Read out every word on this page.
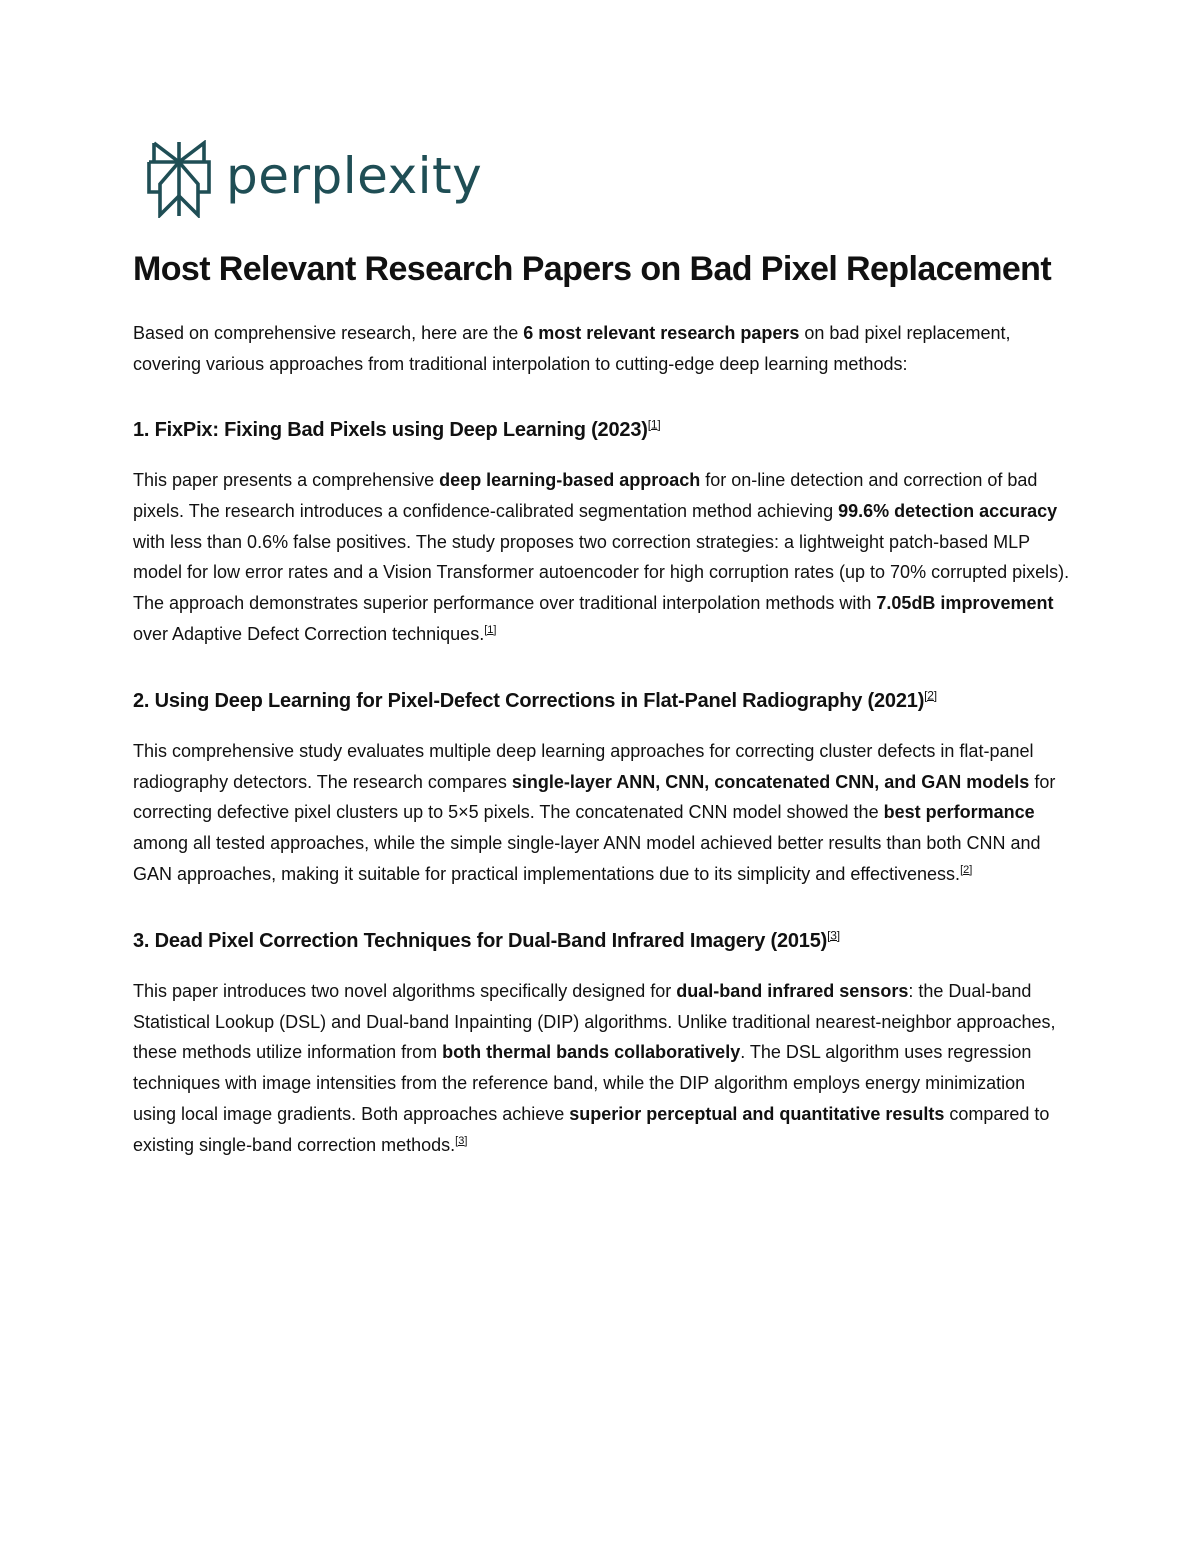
perplexity
Most Relevant Research Papers on Bad Pixel Replacement

Based on comprehensive research, here are the 6 most relevant research papers on bad pixel replacement, covering various approaches from traditional interpolation to cutting-edge deep learning methods:

1. FixPix: Fixing Bad Pixels using Deep Learning (2023)[1]

This paper presents a comprehensive deep learning-based approach for on-line detection and correction of bad pixels. The research introduces a confidence-calibrated segmentation method achieving 99.6% detection accuracy with less than 0.6% false positives. The study proposes two correction strategies: a lightweight patch-based MLP model for low error rates and a Vision Transformer autoencoder for high corruption rates (up to 70% corrupted pixels). The approach demonstrates superior performance over traditional interpolation methods with 7.05dB improvement over Adaptive Defect Correction techniques.[1]

2. Using Deep Learning for Pixel-Defect Corrections in Flat-Panel Radiography (2021)[2]

This comprehensive study evaluates multiple deep learning approaches for correcting cluster defects in flat-panel radiography detectors. The research compares single-layer ANN, CNN, concatenated CNN, and GAN models for correcting defective pixel clusters up to 5×5 pixels. The concatenated CNN model showed the best performance among all tested approaches, while the simple single-layer ANN model achieved better results than both CNN and GAN approaches, making it suitable for practical implementations due to its simplicity and effectiveness.[2]

3. Dead Pixel Correction Techniques for Dual-Band Infrared Imagery (2015)[3]

This paper introduces two novel algorithms specifically designed for dual-band infrared sensors: the Dual-band Statistical Lookup (DSL) and Dual-band Inpainting (DIP) algorithms. Unlike traditional nearest-neighbor approaches, these methods utilize information from both thermal bands collaboratively. The DSL algorithm uses regression techniques with image intensities from the reference band, while the DIP algorithm employs energy minimization using local image gradients. Both approaches achieve superior perceptual and quantitative results compared to existing single-band correction methods.[3]
